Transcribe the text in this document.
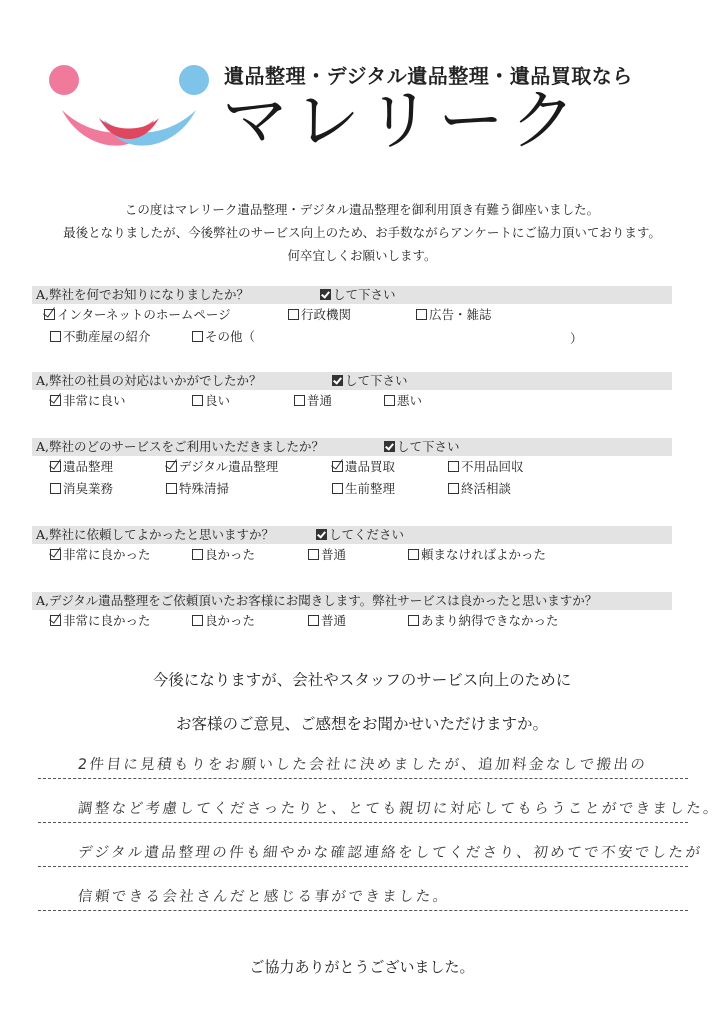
遺品整理・デジタル遺品整理・遺品買取なら
マレリーク
この度はマレリーク遺品整理・デジタル遺品整理を御利用頂き有難う御座いました。
最後となりましたが、今後弊社のサービス向上のため、お手数ながらアンケートにご協力頂いております。
何卒宜しくお願いします。
A,弊社を何でお知りになりましたか？	して下さい
インターネットのホームページ	行政機関	広告・雑誌
不動産屋の紹介	その他（	）
A,弊社の社員の対応はいかがでしたか？	して下さい
非常に良い	良い	普通	悪い
A,弊社のどのサービスをご利用いただきましたか？	して下さい
遺品整理	デジタル遺品整理	遺品買取	不用品回収
消臭業務	特殊清掃	生前整理	終活相談
A,弊社に依頼してよかったと思いますか？	してください
非常に良かった	良かった	普通	頼まなければよかった
A,デジタル遺品整理をご依頼頂いたお客様にお聞きします。弊社サービスは良かったと思いますか？
非常に良かった	良かった	普通	あまり納得できなかった
今後になりますが、会社やスタッフのサービス向上のために
お客様のご意見、ご感想をお聞かせいただけますか。
2件目に見積もりをお願いした会社に決めましたが、追加料金なしで搬出の
調整など考慮してくださったりと、とても親切に対応してもらうことができました。
デジタル遺品整理の件も細やかな確認連絡をしてくださり、初めてで不安でしたが
信頼できる会社さんだと感じる事ができました。
ご協力ありがとうございました。
